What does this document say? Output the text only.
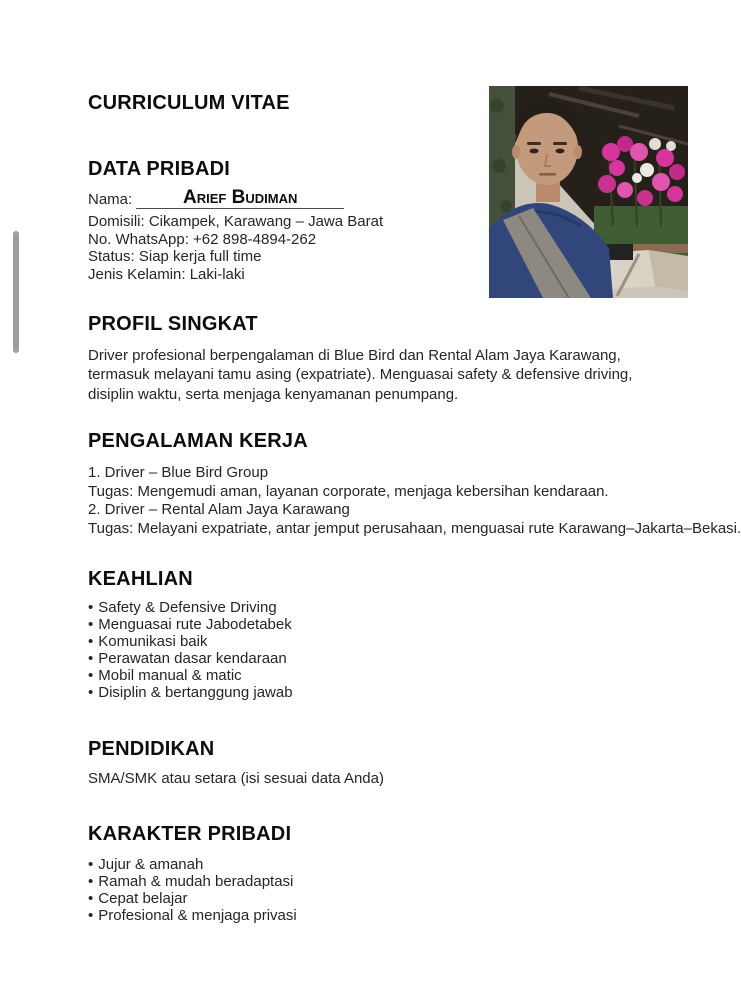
CURRICULUM VITAE
DATA PRIBADI
Nama:	Arief Budiman
Domisili: Cikampek, Karawang – Jawa Barat
No. WhatsApp: +62 898-4894-262
Status: Siap kerja full time
Jenis Kelamin: Laki-laki
PROFIL SINGKAT

Driver profesional berpengalaman di Blue Bird dan Rental Alam Jaya Karawang, termasuk melayani tamu asing (expatriate). Menguasai safety & defensive driving, disiplin waktu, serta menjaga kenyamanan penumpang.

PENGALAMAN KERJA
1. Driver – Blue Bird Group
Tugas: Mengemudi aman, layanan corporate, menjaga kebersihan kendaraan.
2. Driver – Rental Alam Jaya Karawang
Tugas: Melayani expatriate, antar jemput perusahaan, menguasai rute Karawang–Jakarta–Bekasi.
KEAHLIAN
• Safety & Defensive Driving
• Menguasai rute Jabodetabek
• Komunikasi baik
• Perawatan dasar kendaraan
• Mobil manual & matic
• Disiplin & bertanggung jawab
PENDIDIKAN
SMA/SMK atau setara (isi sesuai data Anda)
KARAKTER PRIBADI
• Jujur & amanah
• Ramah & mudah beradaptasi
• Cepat belajar
• Profesional & menjaga privasi
